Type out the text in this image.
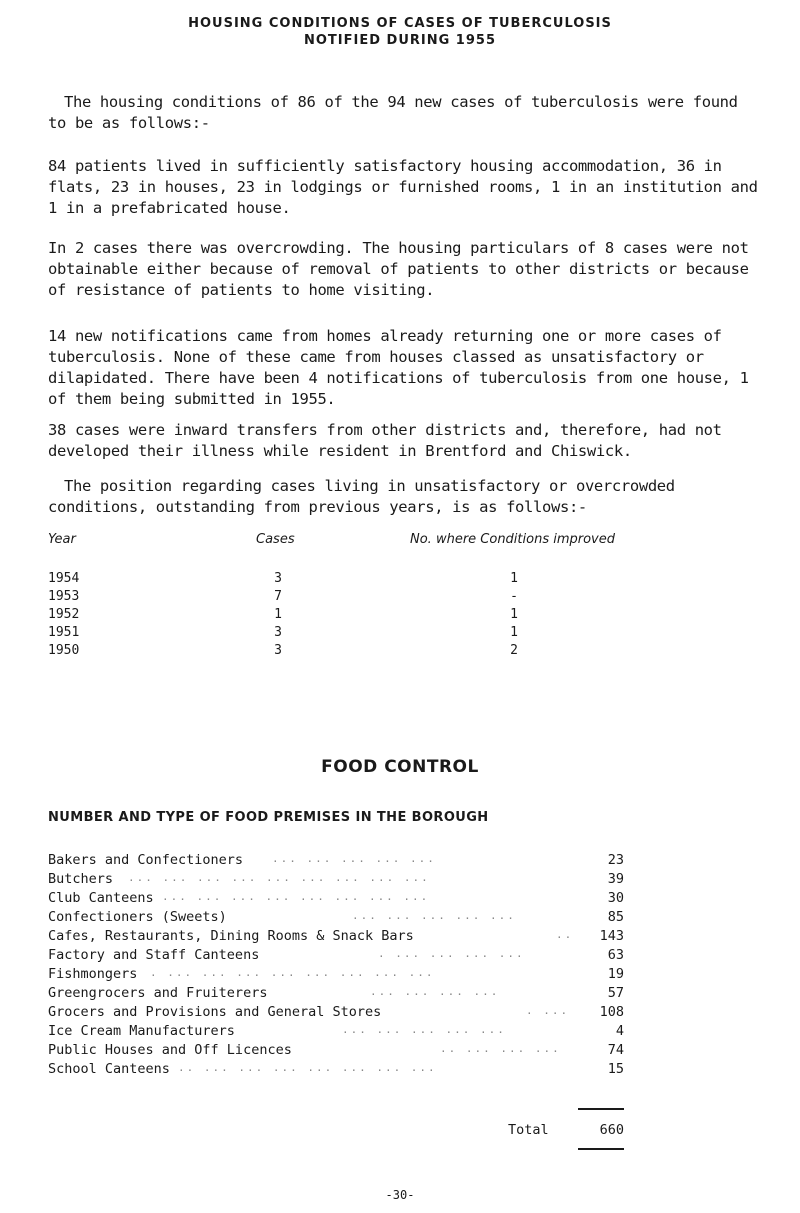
HOUSING CONDITIONS OF CASES OF TUBERCULOSIS
NOTIFIED DURING 1955

The housing conditions of 86 of the 94 new cases of tuberculosis were found to be as follows:-

84 patients lived in sufficiently satisfactory housing accommodation, 36 in flats, 23 in houses, 23 in lodgings or furnished rooms, 1 in an institution and 1 in a prefabricated house.

In 2 cases there was overcrowding. The housing particulars of 8 cases were not obtainable either because of removal of patients to other districts or because of resistance of patients to home visiting.

14 new notifications came from homes already returning one or more cases of tuberculosis. None of these came from houses classed as unsatisfactory or dilapidated. There have been 4 notifications of tuberculosis from one house, 1 of them being submitted in 1955.

38 cases were inward transfers from other districts and, therefore, had not developed their illness while resident in Brentford and Chiswick.

The position regarding cases living in unsatisfactory or overcrowded conditions, outstanding from previous years, is as follows:-

Year	Cases	No. where Conditions improved
1954	3	1
1953	7	-
1952	1	1
1951	3	1
1950	3	2
FOOD CONTROL
NUMBER AND TYPE OF FOOD PREMISES IN THE BOROUGH
Bakers and Confectioners	... ... ... ... ...	23
Butchers ... ... ... ... ... ... ... ... ...	39
Club Canteens ... ... ... ... ... ... ... ...	30
Confectioners (Sweets)	... ... ... ... ...	85
Cafes, Restaurants, Dining Rooms & Snack Bars	..	143
Factory and Staff Canteens	. ... ... ... ...	63
Fishmongers . ... ... ... ... ... ... ... ...	19
Greengrocers and Fruiterers	... ... ... ...	57
Grocers and Provisions and General Stores	. ...	108
Ice Cream Manufacturers	... ... ... ... ...	4
Public Houses and Off Licences	.. ... ... ...	74
School Canteens .. ... ... ... ... ... ... ...	15
Total	660
-30-
